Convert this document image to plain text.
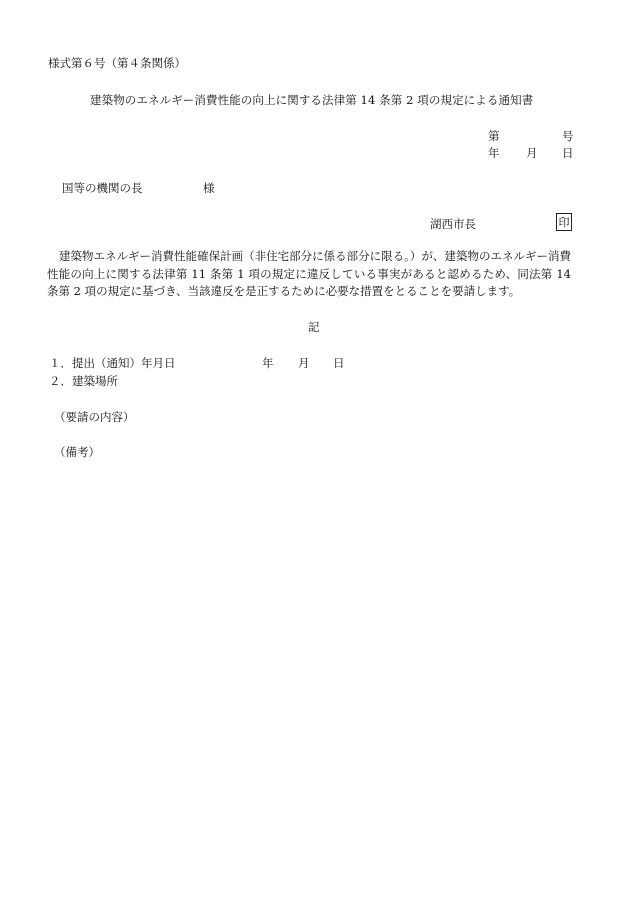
様式第６号（第４条関係）
建築物のエネルギー消費性能の向上に関する法律第 14 条第 2 項の規定による通知書
第	号
年 月 日
国等の機関の長	様
湖西市長	印
建築物エネルギー消費性能確保計画（非住宅部分に係る部分に限る。）が、建築物のエネルギー消費性能の向上に関する法律第 11 条第 1 項の規定に違反している事実があると認めるため、同法第 14 条第 2 項の規定に基づき、当該違反を是正するために必要な措置をとることを要請します。
記
１．提出（通知）年月日	年 月 日
２．建築場所
（要請の内容）
（備考）
